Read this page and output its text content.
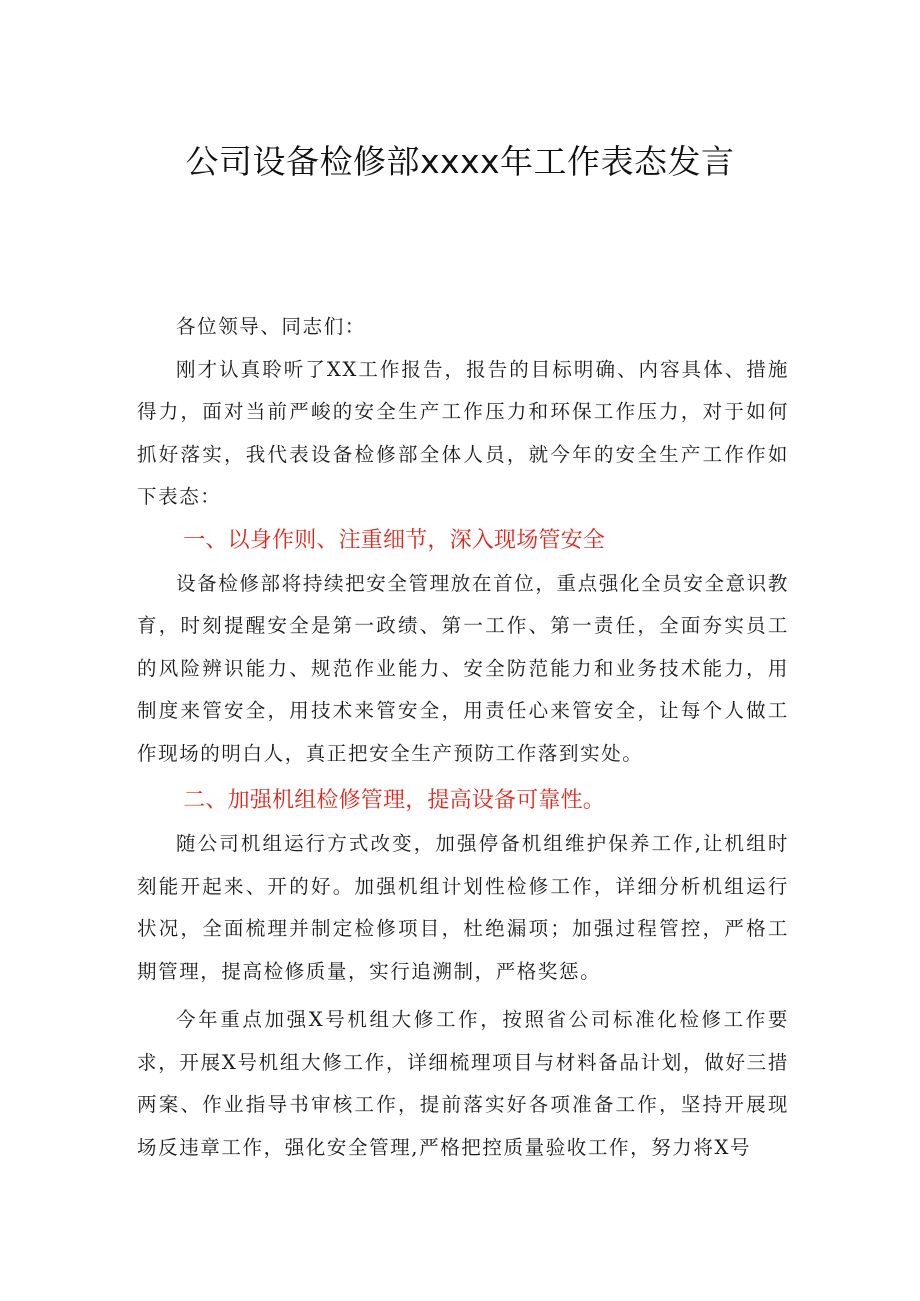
公司设备检修部xxxx年工作表态发言

各位领导、同志们：

刚才认真聆听了XX工作报告，报告的目标明确、内容具体、措施得力，面对当前严峻的安全生产工作压力和环保工作压力，对于如何抓好落实，我代表设备检修部全体人员，就今年的安全生产工作作如下表态：

一、以身作则、注重细节，深入现场管安全

设备检修部将持续把安全管理放在首位，重点强化全员安全意识教育，时刻提醒安全是第一政绩、第一工作、第一责任，全面夯实员工的风险辨识能力、规范作业能力、安全防范能力和业务技术能力，用制度来管安全，用技术来管安全，用责任心来管安全，让每个人做工作现场的明白人，真正把安全生产预防工作落到实处。

二、加强机组检修管理，提高设备可靠性。

随公司机组运行方式改变，加强停备机组维护保养工作,让机组时刻能开起来、开的好。加强机组计划性检修工作，详细分析机组运行状况，全面梳理并制定检修项目，杜绝漏项；加强过程管控，严格工期管理，提高检修质量，实行追溯制，严格奖惩。

今年重点加强X号机组大修工作，按照省公司标准化检修工作要求，开展X号机组大修工作，详细梳理项目与材料备品计划，做好三措两案、作业指导书审核工作，提前落实好各项准备工作，坚持开展现场反违章工作，强化安全管理,严格把控质量验收工作，努力将X号
